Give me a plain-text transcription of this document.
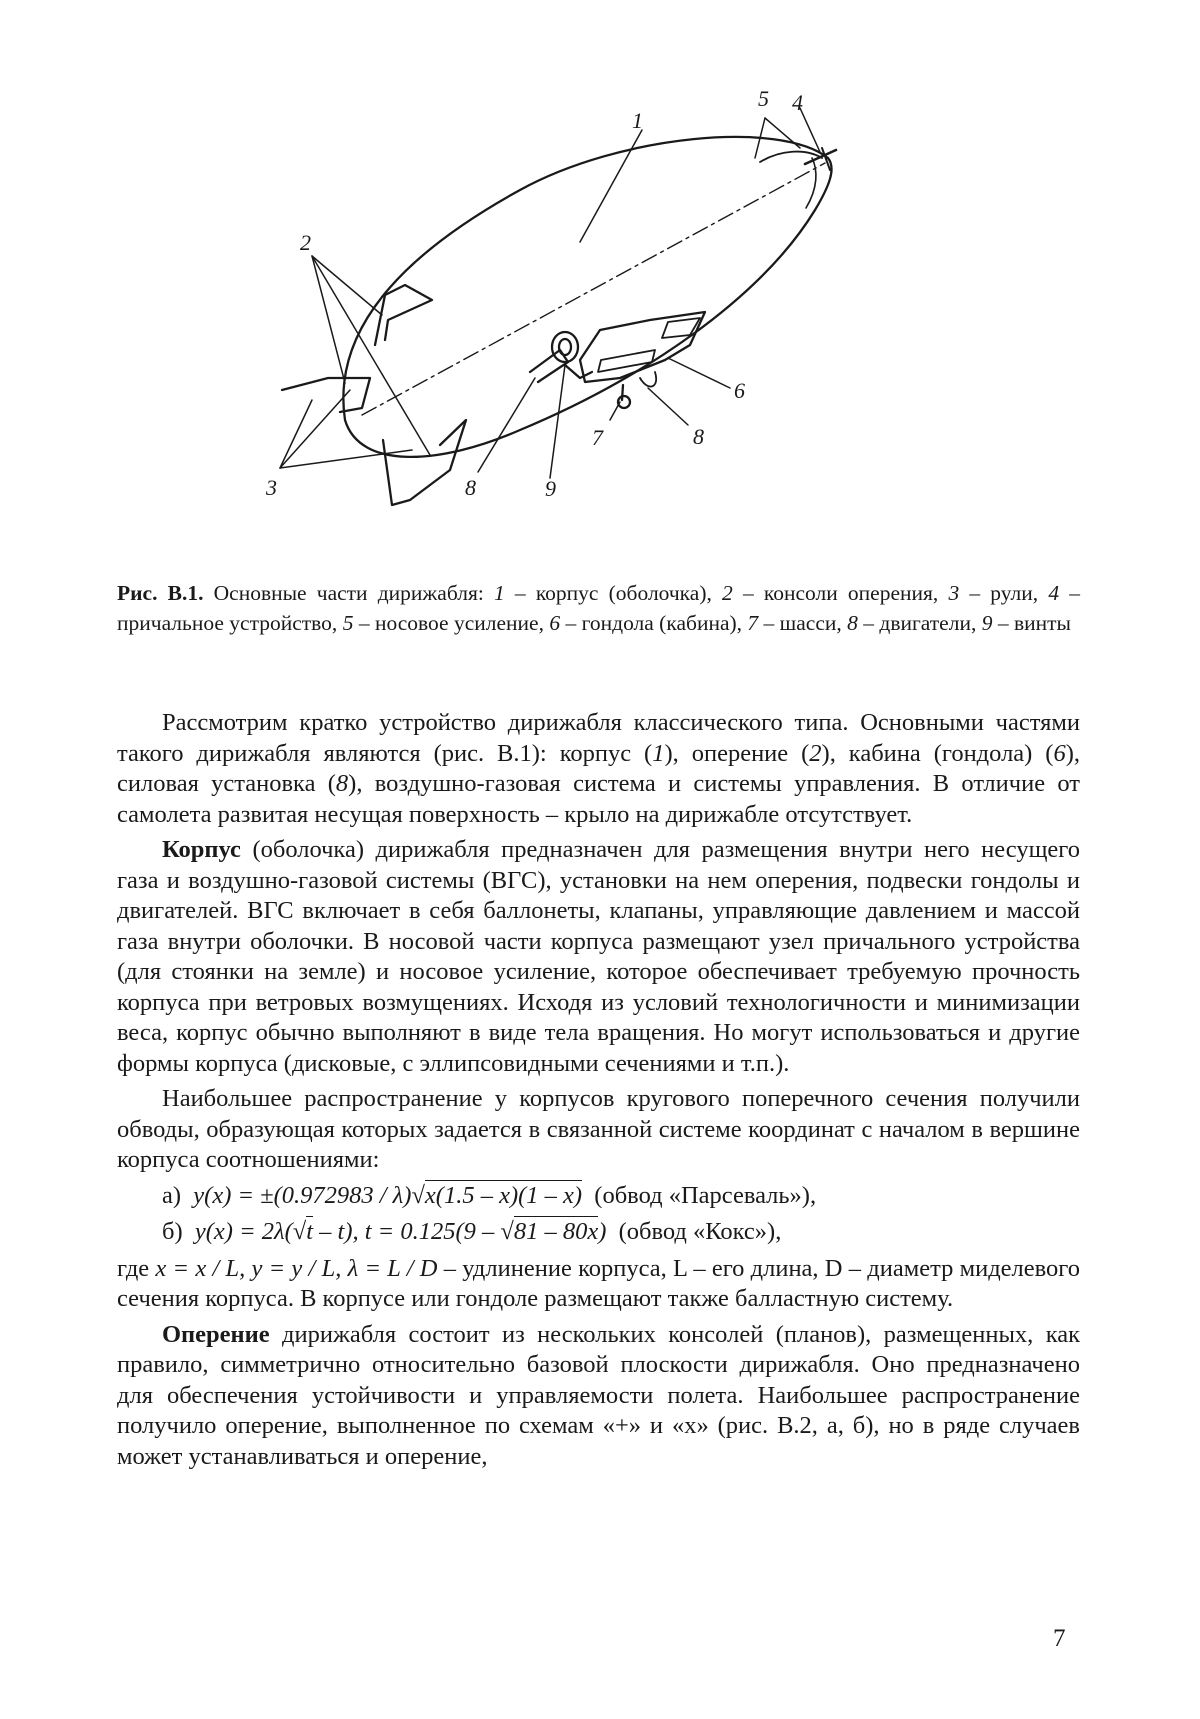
1
2
3
4
5
6
7	8
8	9
Рис. В.1. Основные части дирижабля: 1 – корпус (оболочка), 2 – консоли оперения, 3 – рули, 4 – причальное устройство, 5 – носовое усиление, 6 – гондола (кабина), 7 – шасси, 8 – двигатели, 9 – винты

Рассмотрим кратко устройство дирижабля классического типа. Основными частями такого дирижабля являются (рис. В.1): корпус (1), оперение (2), кабина (гондола) (6), силовая установка (8), воздушно-газовая система и системы управления. В отличие от самолета развитая несущая поверхность – крыло на дирижабле отсутствует.

Корпус (оболочка) дирижабля предназначен для размещения внутри него несущего газа и воздушно-газовой системы (ВГС), установки на нем оперения, подвески гондолы и двигателей. ВГС включает в себя баллонеты, клапаны, управляющие давлением и массой газа внутри оболочки. В носовой части корпуса размещают узел причального устройства (для стоянки на земле) и носовое усиление, которое обеспечивает требуемую прочность корпуса при ветровых возмущениях. Исходя из условий технологичности и минимизации веса, корпус обычно выполняют в виде тела вращения. Но могут использоваться и другие формы корпуса (дисковые, с эллипсовидными сечениями и т.п.).

Наибольшее распространение у корпусов кругового поперечного сечения получили обводы, образующая которых задается в связанной системе координат с началом в вершине корпуса соотношениями:

а) y(x) = ±(0.972983 / λ)√x(1.5 – x)(1 – x) (обвод «Парсеваль»),
б) y(x) = 2λ(√t – t), t = 0.125(9 – √81 – 80x) (обвод «Кокс»),

где x = x / L, y = y / L, λ = L / D – удлинение корпуса, L – его длина, D – диаметр миделевого сечения корпуса. В корпусе или гондоле размещают также балластную систему.

Оперение дирижабля состоит из нескольких консолей (планов), размещенных, как правило, симметрично относительно базовой плоскости дирижабля. Оно предназначено для обеспечения устойчивости и управляемости полета. Наибольшее распространение получило оперение, выполненное по схемам «+» и «х» (рис. В.2, а, б), но в ряде случаев может устанавливаться и оперение,

7
